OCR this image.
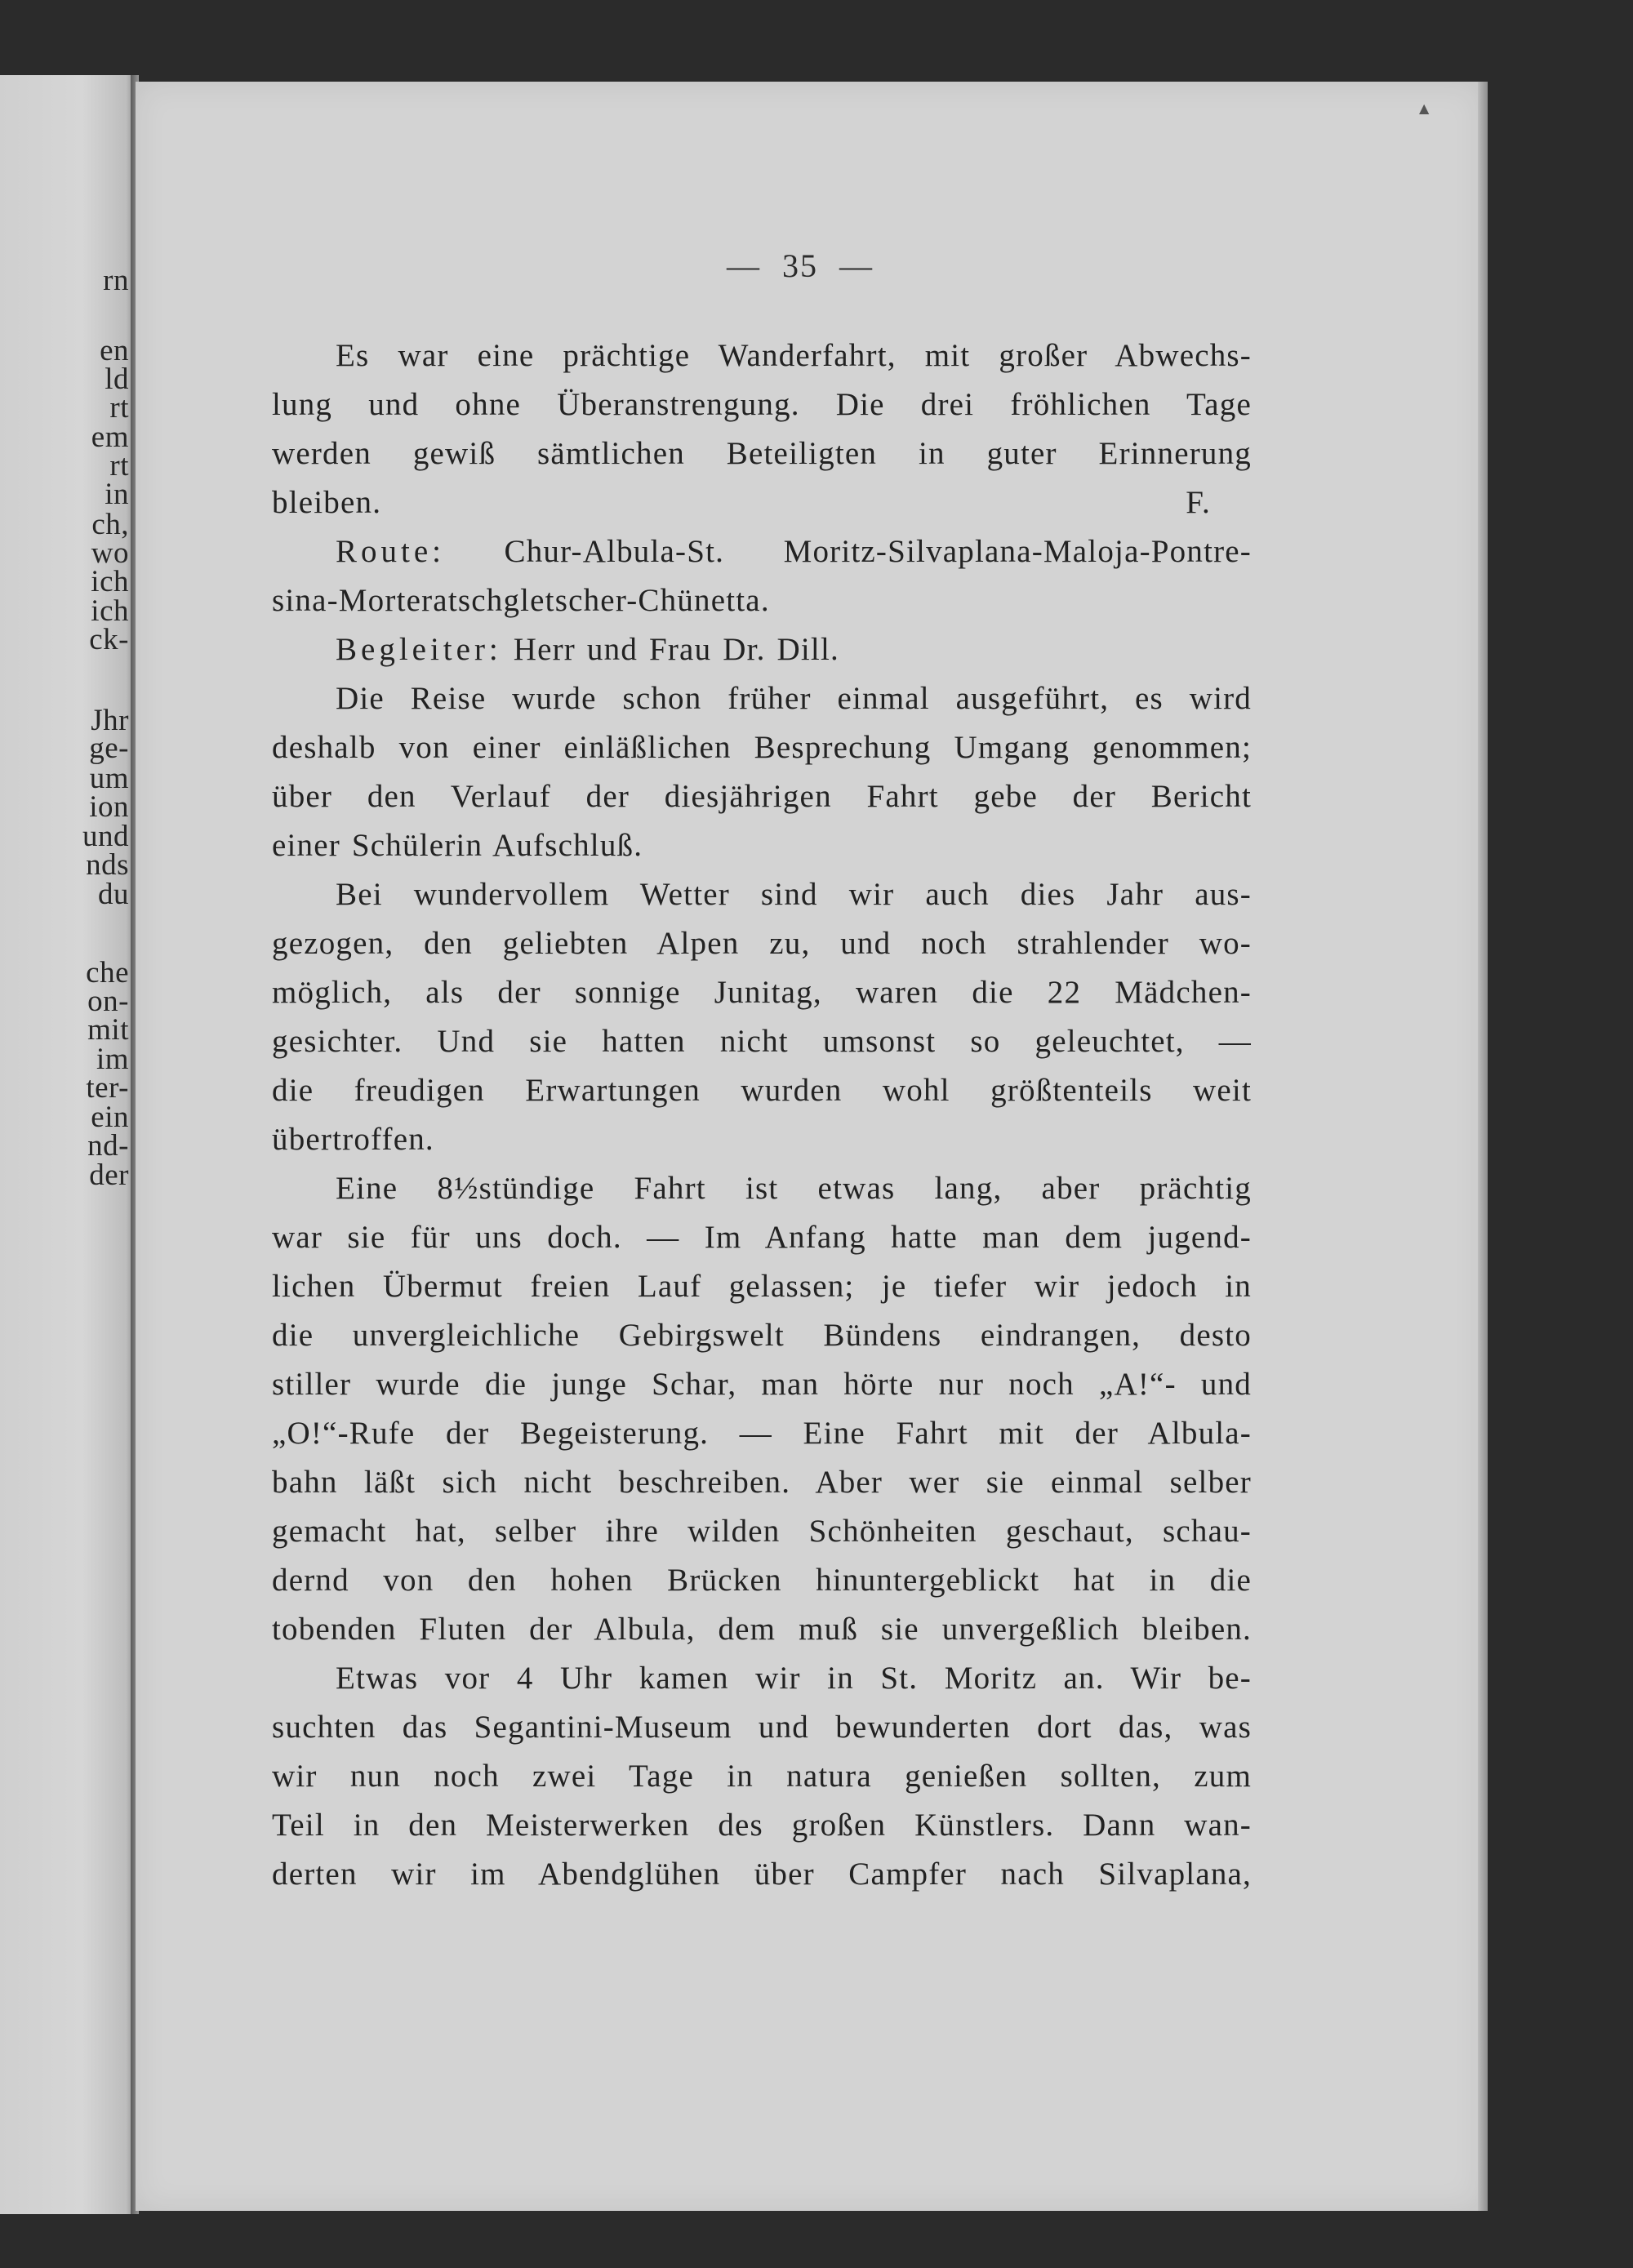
rn
en
ld
rt
em
rt
in
ch,
wo
ich
ich
ck-
Jhr
ge-
um
ion
und
nds
du
che
on-
mit
im
ter-
ein
nd-
der
▲
— 35 —
Es war eine prächtige Wanderfahrt, mit großer Abwechs-
lung und ohne Überanstrengung. Die drei fröhlichen Tage
werden gewiß sämtlichen Beteiligten in guter Erinnerung
bleiben.	F.
Route: Chur-Albula-St. Moritz-Silvaplana-Maloja-Pontre-
sina-Morteratschgletscher-Chünetta.
Begleiter: Herr und Frau Dr. Dill.
Die Reise wurde schon früher einmal ausgeführt, es wird
deshalb von einer einläßlichen Besprechung Umgang genommen;
über den Verlauf der diesjährigen Fahrt gebe der Bericht
einer Schülerin Aufschluß.
Bei wundervollem Wetter sind wir auch dies Jahr aus-
gezogen, den geliebten Alpen zu, und noch strahlender wo-
möglich, als der sonnige Junitag, waren die 22 Mädchen-
gesichter. Und sie hatten nicht umsonst so geleuchtet, —
die freudigen Erwartungen wurden wohl größtenteils weit
übertroffen.
Eine 8½stündige Fahrt ist etwas lang, aber prächtig
war sie für uns doch. — Im Anfang hatte man dem jugend-
lichen Übermut freien Lauf gelassen; je tiefer wir jedoch in
die unvergleichliche Gebirgswelt Bündens eindrangen, desto
stiller wurde die junge Schar, man hörte nur noch „A!“- und
„O!“-Rufe der Begeisterung. — Eine Fahrt mit der Albula-
bahn läßt sich nicht beschreiben. Aber wer sie einmal selber
gemacht hat, selber ihre wilden Schönheiten geschaut, schau-
dernd von den hohen Brücken hinuntergeblickt hat in die
tobenden Fluten der Albula, dem muß sie unvergeßlich bleiben.
Etwas vor 4 Uhr kamen wir in St. Moritz an. Wir be-
suchten das Segantini-Museum und bewunderten dort das, was
wir nun noch zwei Tage in natura genießen sollten, zum
Teil in den Meisterwerken des großen Künstlers. Dann wan-
derten wir im Abendglühen über Campfer nach Silvaplana,
